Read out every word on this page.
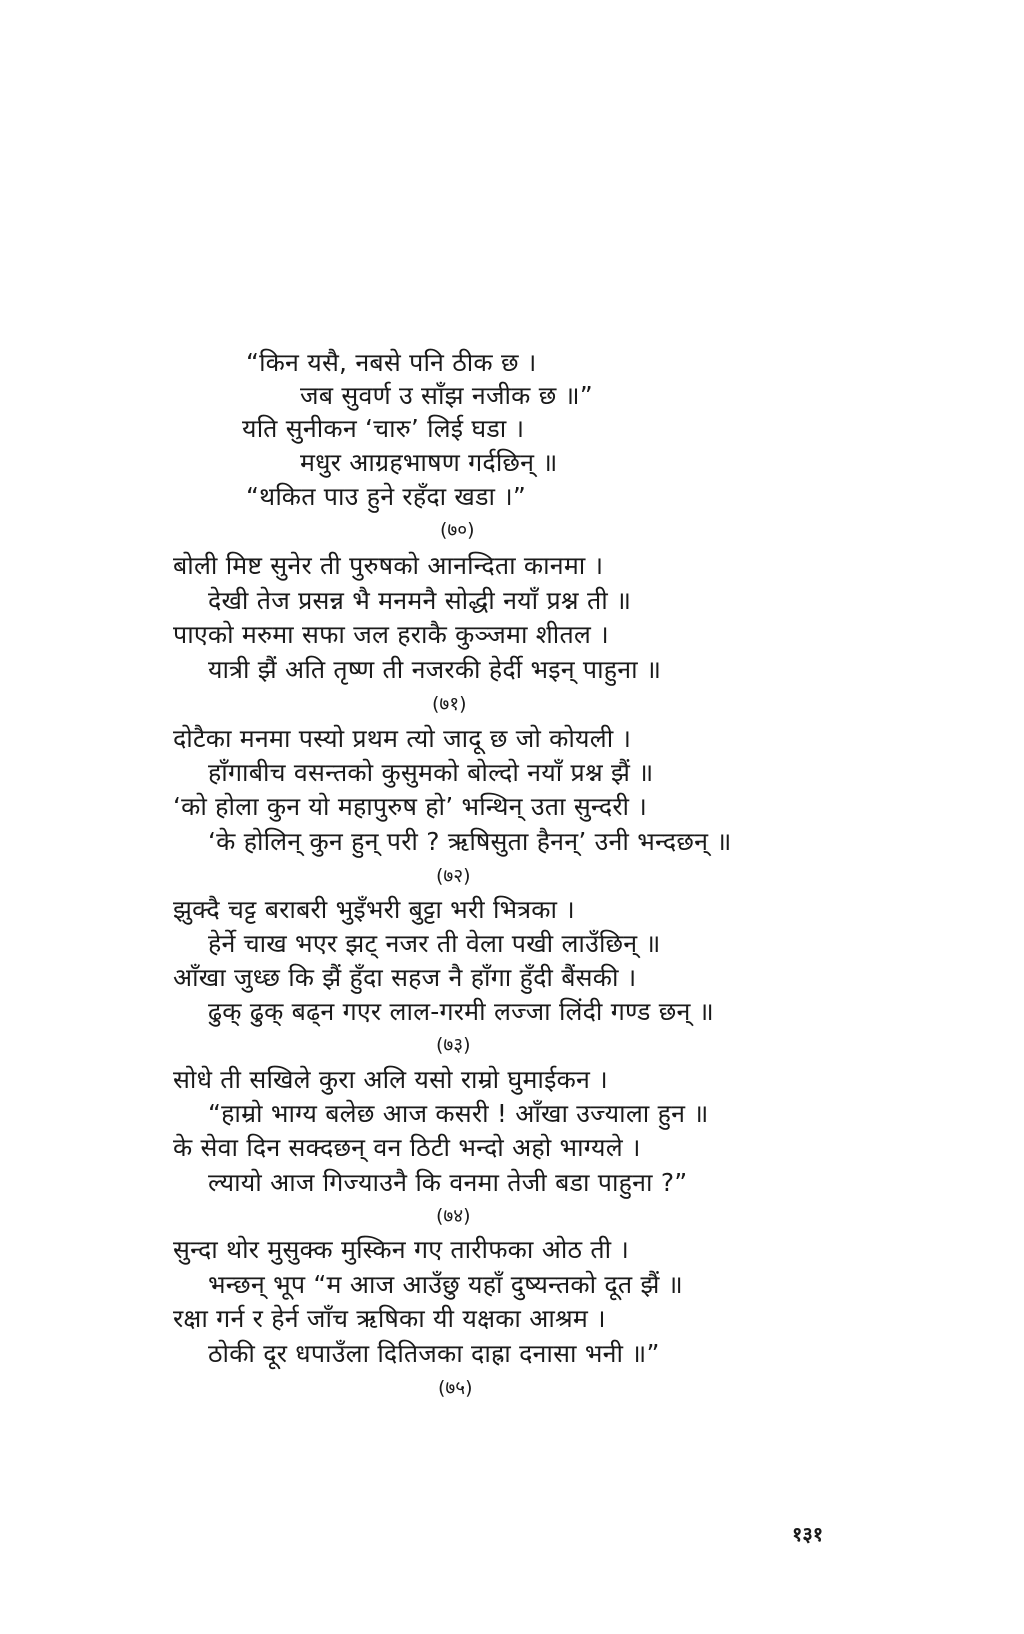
“किन यसै, नबसे पनि ठीक छ ।
जब सुवर्ण उ साँझ नजीक छ ॥”
यति सुनीकन ‘चारु’ लिई घडा ।
मधुर आग्रहभाषण गर्दछिन् ॥
“थकित पाउ हुने रहँदा खडा ।”
(७०)
बोली मिष्ट सुनेर ती पुरुषको आनन्दिता कानमा ।
देखी तेज प्रसन्न भै मनमनै सोद्धी नयाँ प्रश्न ती ॥
पाएको मरुमा सफा जल हराकै कुञ्जमा शीतल ।
यात्री झैं अति तृष्ण ती नजरकी हेर्दी भइन् पाहुना ॥
(७१)
दोटैका मनमा पस्यो प्रथम त्यो जादू छ जो कोयली ।
हाँगाबीच वसन्तको कुसुमको बोल्दो नयाँ प्रश्न झैं ॥
‘को होला कुन यो महापुरुष हो’ भन्थिन् उता सुन्दरी ।
‘के होलिन् कुन हुन् परी ? ऋषिसुता हैनन्’ उनी भन्दछन् ॥
(७२)
झुक्दै चट्ट बराबरी भुइँभरी बुट्टा भरी भित्रका ।
हेर्ने चाख भएर झट् नजर ती वेला पखी लाउँछिन् ॥
आँखा जुध्छ कि झैं हुँदा सहज नै हाँगा हुँदी बैंसकी ।
ढुक् ढुक् बढ्न गएर लाल-गरमी लज्जा लिंदी गण्ड छन् ॥
(७३)
सोधे ती सखिले कुरा अलि यसो राम्रो घुमाईकन ।
“हाम्रो भाग्य बलेछ आज कसरी ! आँखा उज्याला हुन ॥
के सेवा दिन सक्दछन् वन ठिटी भन्दो अहो भाग्यले ।
ल्यायो आज गिज्याउनै कि वनमा तेजी बडा पाहुना ?”
(७४)
सुन्दा थोर मुसुक्क मुस्किन गए तारीफका ओठ ती ।
भन्छन् भूप “म आज आउँछु यहाँ दुष्यन्तको दूत झैं ॥
रक्षा गर्न र हेर्न जाँच ऋषिका यी यक्षका आश्रम ।
ठोकी दूर धपाउँला दितिजका दाह्रा दनासा भनी ॥”
(७५)
१३१
